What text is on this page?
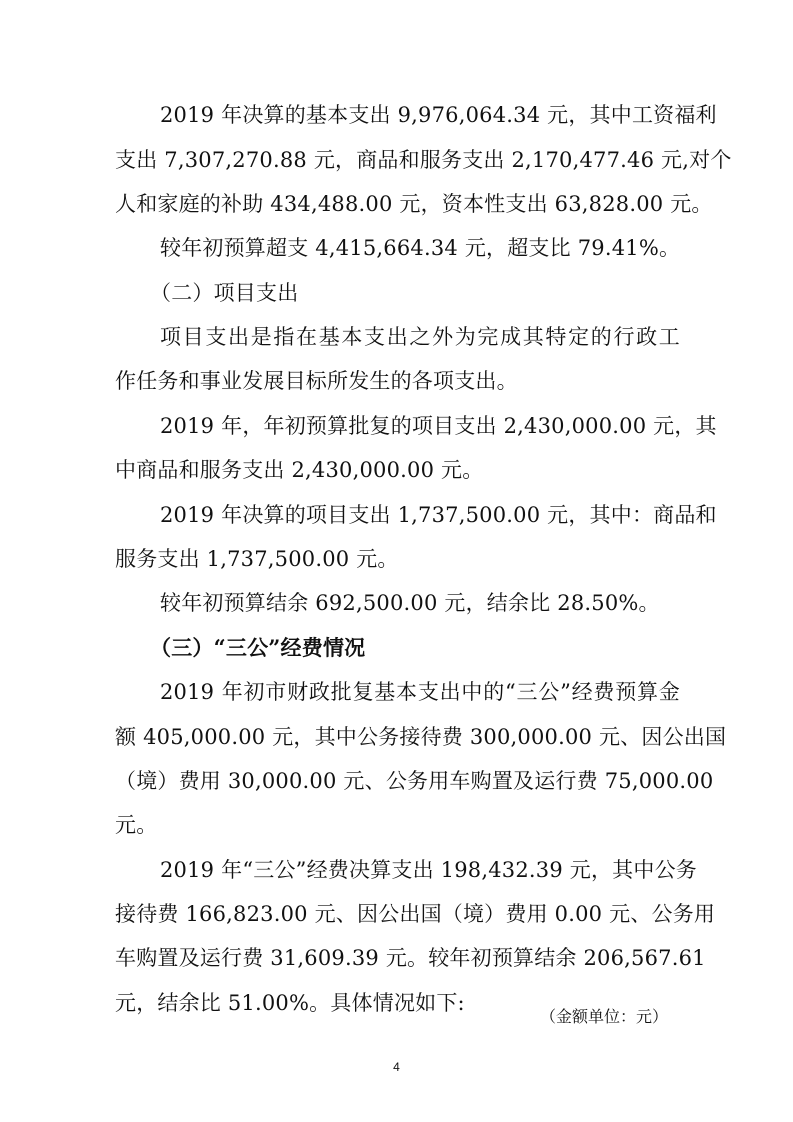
2019 年决算的基本支出 9,976,064.34 元，其中工资福利
支出 7,307,270.88 元，商品和服务支出 2,170,477.46 元,对个
人和家庭的补助 434,488.00 元，资本性支出 63,828.00 元。
较年初预算超支 4,415,664.34 元，超支比 79.41%。
（二）项目支出
项目支出是指在基本支出之外为完成其特定的行政工
作任务和事业发展目标所发生的各项支出。
2019 年，年初预算批复的项目支出 2,430,000.00 元，其
中商品和服务支出 2,430,000.00 元。
2019 年决算的项目支出 1,737,500.00 元，其中：商品和
服务支出 1,737,500.00 元。
较年初预算结余 692,500.00 元，结余比 28.50%。
（三）“三公”经费情况
2019 年初市财政批复基本支出中的“三公”经费预算金
额 405,000.00 元，其中公务接待费 300,000.00 元、因公出国
（境）费用 30,000.00 元、公务用车购置及运行费 75,000.00
元。
2019 年“三公”经费决算支出 198,432.39 元，其中公务
接待费 166,823.00 元、因公出国（境）费用 0.00 元、公务用
车购置及运行费 31,609.39 元。较年初预算结余 206,567.61
元，结余比 51.00%。具体情况如下:
（金额单位：元）
4
